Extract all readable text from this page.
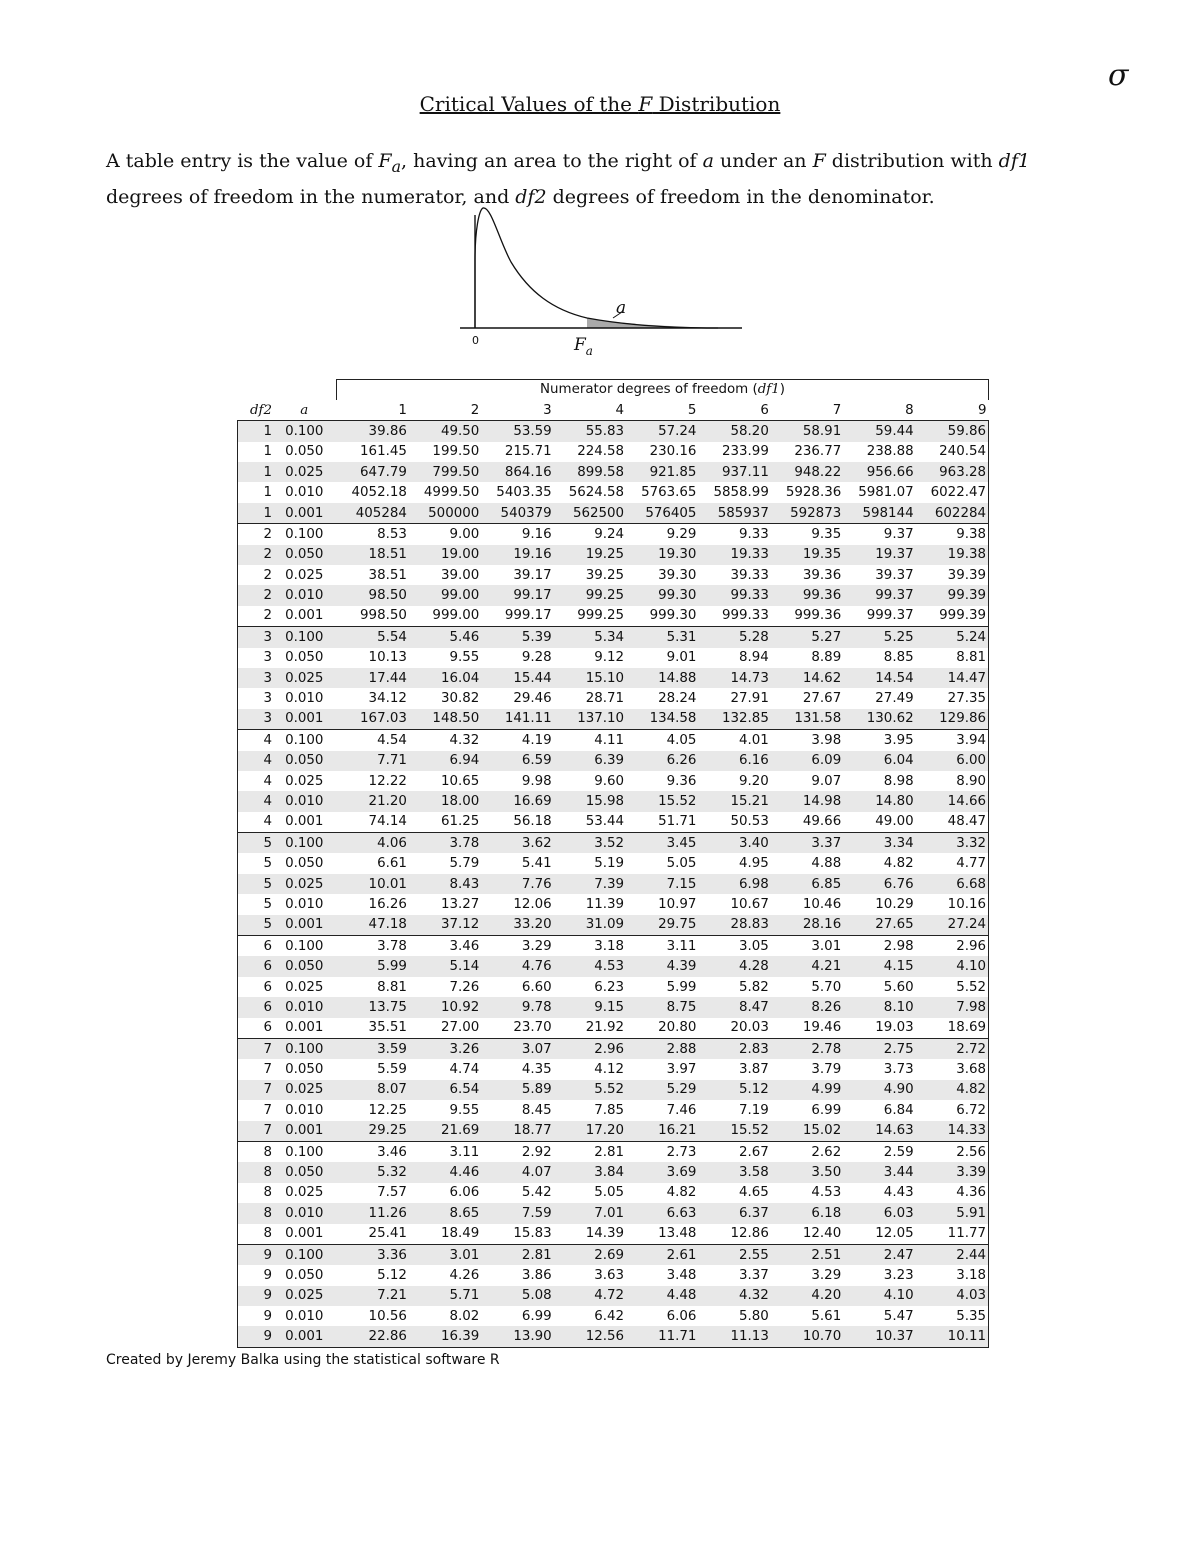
σ
Critical Values of the F Distribution
A table entry is the value of $F_a$, having an area to the right of a under an F distribution with df1
degrees of freedom in the numerator, and df2 degrees of freedom in the denominator.
0
a
$F_a$
		Numerator degrees of freedom (df1)								
df2	a	1	2	3	4	5	6	7	8	9
1	0.100	39.86	49.50	53.59	55.83	57.24	58.20	58.91	59.44	59.86
1	0.050	161.45	199.50	215.71	224.58	230.16	233.99	236.77	238.88	240.54
1	0.025	647.79	799.50	864.16	899.58	921.85	937.11	948.22	956.66	963.28
1	0.010	4052.18	4999.50	5403.35	5624.58	5763.65	5858.99	5928.36	5981.07	6022.47
1	0.001	405284	500000	540379	562500	576405	585937	592873	598144	602284
2	0.100	8.53	9.00	9.16	9.24	9.29	9.33	9.35	9.37	9.38
2	0.050	18.51	19.00	19.16	19.25	19.30	19.33	19.35	19.37	19.38
2	0.025	38.51	39.00	39.17	39.25	39.30	39.33	39.36	39.37	39.39
2	0.010	98.50	99.00	99.17	99.25	99.30	99.33	99.36	99.37	99.39
2	0.001	998.50	999.00	999.17	999.25	999.30	999.33	999.36	999.37	999.39
3	0.100	5.54	5.46	5.39	5.34	5.31	5.28	5.27	5.25	5.24
3	0.050	10.13	9.55	9.28	9.12	9.01	8.94	8.89	8.85	8.81
3	0.025	17.44	16.04	15.44	15.10	14.88	14.73	14.62	14.54	14.47
3	0.010	34.12	30.82	29.46	28.71	28.24	27.91	27.67	27.49	27.35
3	0.001	167.03	148.50	141.11	137.10	134.58	132.85	131.58	130.62	129.86
4	0.100	4.54	4.32	4.19	4.11	4.05	4.01	3.98	3.95	3.94
4	0.050	7.71	6.94	6.59	6.39	6.26	6.16	6.09	6.04	6.00
4	0.025	12.22	10.65	9.98	9.60	9.36	9.20	9.07	8.98	8.90
4	0.010	21.20	18.00	16.69	15.98	15.52	15.21	14.98	14.80	14.66
4	0.001	74.14	61.25	56.18	53.44	51.71	50.53	49.66	49.00	48.47
5	0.100	4.06	3.78	3.62	3.52	3.45	3.40	3.37	3.34	3.32
5	0.050	6.61	5.79	5.41	5.19	5.05	4.95	4.88	4.82	4.77
5	0.025	10.01	8.43	7.76	7.39	7.15	6.98	6.85	6.76	6.68
5	0.010	16.26	13.27	12.06	11.39	10.97	10.67	10.46	10.29	10.16
5	0.001	47.18	37.12	33.20	31.09	29.75	28.83	28.16	27.65	27.24
6	0.100	3.78	3.46	3.29	3.18	3.11	3.05	3.01	2.98	2.96
6	0.050	5.99	5.14	4.76	4.53	4.39	4.28	4.21	4.15	4.10
6	0.025	8.81	7.26	6.60	6.23	5.99	5.82	5.70	5.60	5.52
6	0.010	13.75	10.92	9.78	9.15	8.75	8.47	8.26	8.10	7.98
6	0.001	35.51	27.00	23.70	21.92	20.80	20.03	19.46	19.03	18.69
7	0.100	3.59	3.26	3.07	2.96	2.88	2.83	2.78	2.75	2.72
7	0.050	5.59	4.74	4.35	4.12	3.97	3.87	3.79	3.73	3.68
7	0.025	8.07	6.54	5.89	5.52	5.29	5.12	4.99	4.90	4.82
7	0.010	12.25	9.55	8.45	7.85	7.46	7.19	6.99	6.84	6.72
7	0.001	29.25	21.69	18.77	17.20	16.21	15.52	15.02	14.63	14.33
8	0.100	3.46	3.11	2.92	2.81	2.73	2.67	2.62	2.59	2.56
8	0.050	5.32	4.46	4.07	3.84	3.69	3.58	3.50	3.44	3.39
8	0.025	7.57	6.06	5.42	5.05	4.82	4.65	4.53	4.43	4.36
8	0.010	11.26	8.65	7.59	7.01	6.63	6.37	6.18	6.03	5.91
8	0.001	25.41	18.49	15.83	14.39	13.48	12.86	12.40	12.05	11.77
9	0.100	3.36	3.01	2.81	2.69	2.61	2.55	2.51	2.47	2.44
9	0.050	5.12	4.26	3.86	3.63	3.48	3.37	3.29	3.23	3.18
9	0.025	7.21	5.71	5.08	4.72	4.48	4.32	4.20	4.10	4.03
9	0.010	10.56	8.02	6.99	6.42	6.06	5.80	5.61	5.47	5.35
9	0.001	22.86	16.39	13.90	12.56	11.71	11.13	10.70	10.37	10.11
Created by Jeremy Balka using the statistical software R
